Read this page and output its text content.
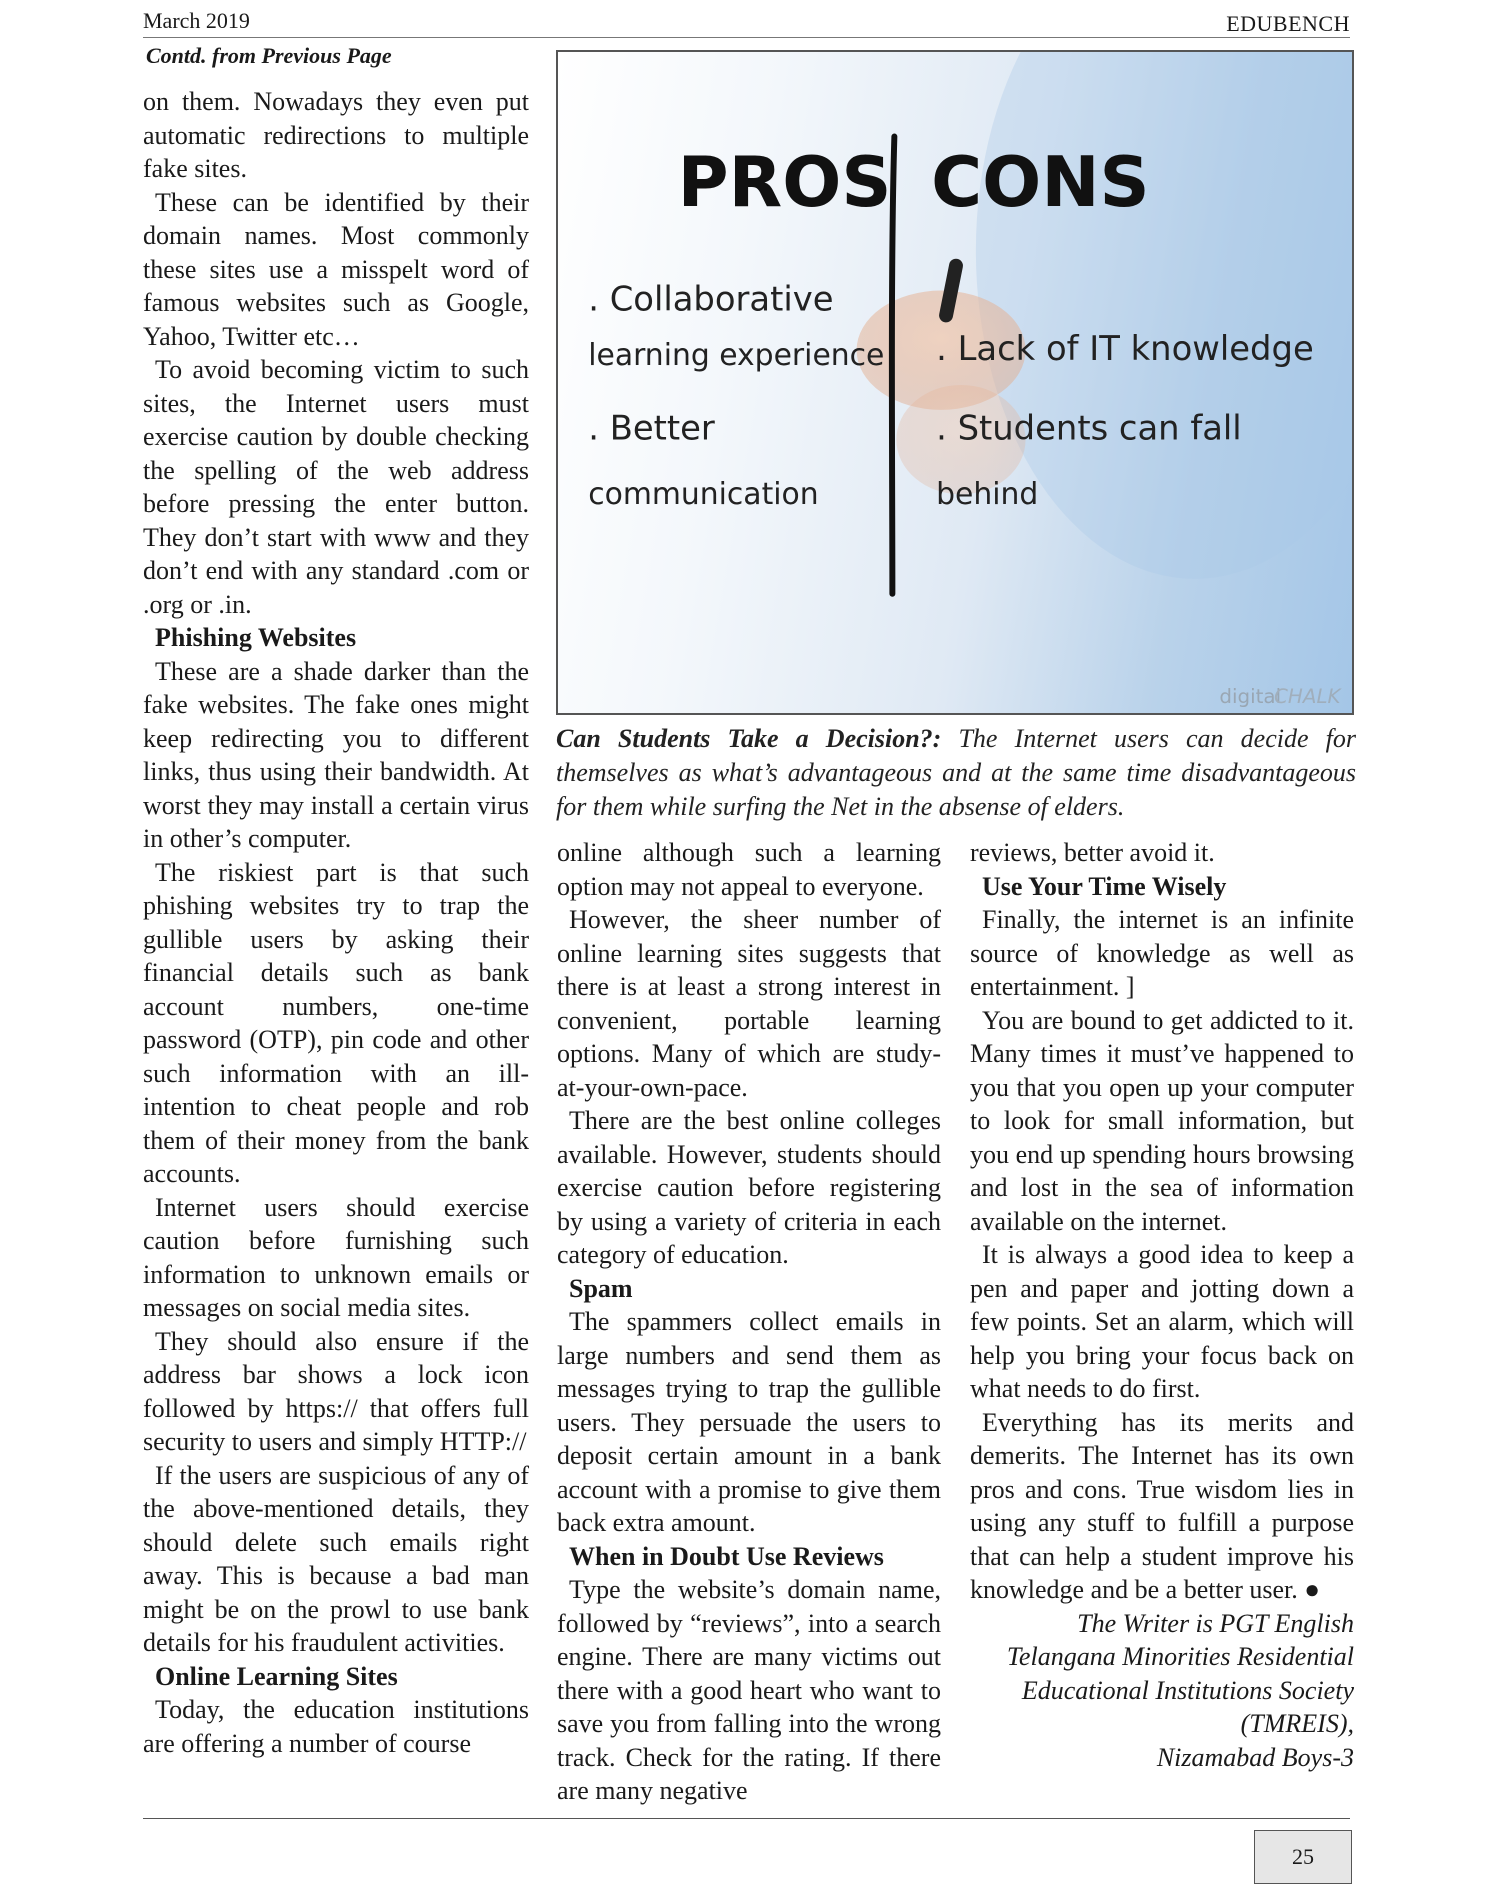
March 2019	EDUBENCH
Contd. from Previous Page

on them. Nowadays they even put automatic redirections to multiple fake sites.

These can be identified by their domain names. Most commonly these sites use a misspelt word of famous websites such as Google, Yahoo, Twitter etc…

To avoid becoming victim to such sites, the Internet users must exercise caution by double checking the spelling of the web address before pressing the enter button. They don’t start with www and they don’t end with any standard .com or .org or .in.

Phishing Websites

These are a shade darker than the fake websites. The fake ones might keep redirecting you to different links, thus using their bandwidth. At worst they may install a certain virus in other’s computer.

The riskiest part is that such phishing websites try to trap the gullible users by asking their financial details such as bank account numbers, one-time password (OTP), pin code and other such information with an ill-intention to cheat people and rob them of their money from the bank accounts.

Internet users should exercise caution before furnishing such information to unknown emails or messages on social media sites.

They should also ensure if the address bar shows a lock icon followed by https:// that offers full security to users and simply HTTP://

If the users are suspicious of any of the above-mentioned details, they should delete such emails right away. This is because a bad man might be on the prowl to use bank details for his fraudulent activities.

Online Learning Sites

Today, the education institutions are offering a number of course

PROS CONS
. Collaborative
learning experience
. Better
communication
. Lack of IT knowledge
. Students can fall
behind
digital
CHALK
Can Students Take a Decision?: The Internet users can decide for themselves as what’s advantageous and at the same time disadvantageous for them while surfing the Net in the absense of elders.

online although such a learning option may not appeal to everyone.

However, the sheer number of online learning sites suggests that there is at least a strong interest in convenient, portable learning options. Many of which are study-at-your-own-pace.

There are the best online colleges available. However, students should exercise caution before registering by using a variety of criteria in each category of education.

Spam

The spammers collect emails in large numbers and send them as messages trying to trap the gullible users. They persuade the users to deposit certain amount in a bank account with a promise to give them back extra amount.

When in Doubt Use Reviews

Type the website’s domain name, followed by “reviews”, into a search engine. There are many victims out there with a good heart who want to save you from falling into the wrong track. Check for the rating. If there are many negative

reviews, better avoid it.

Use Your Time Wisely

Finally, the internet is an infinite source of knowledge as well as entertainment. ]

You are bound to get addicted to it. Many times it must’ve happened to you that you open up your computer to look for small information, but you end up spending hours browsing and lost in the sea of information available on the internet.

It is always a good idea to keep a pen and paper and jotting down a few points. Set an alarm, which will help you bring your focus back on what needs to do first.

Everything has its merits and demerits. The Internet has its own pros and cons. True wisdom lies in using any stuff to fulfill a purpose that can help a student improve his knowledge and be a better user. ●

The Writer is PGT English

Telangana Minorities Residential

Educational Institutions Society

(TMREIS),

Nizamabad Boys-3

25
